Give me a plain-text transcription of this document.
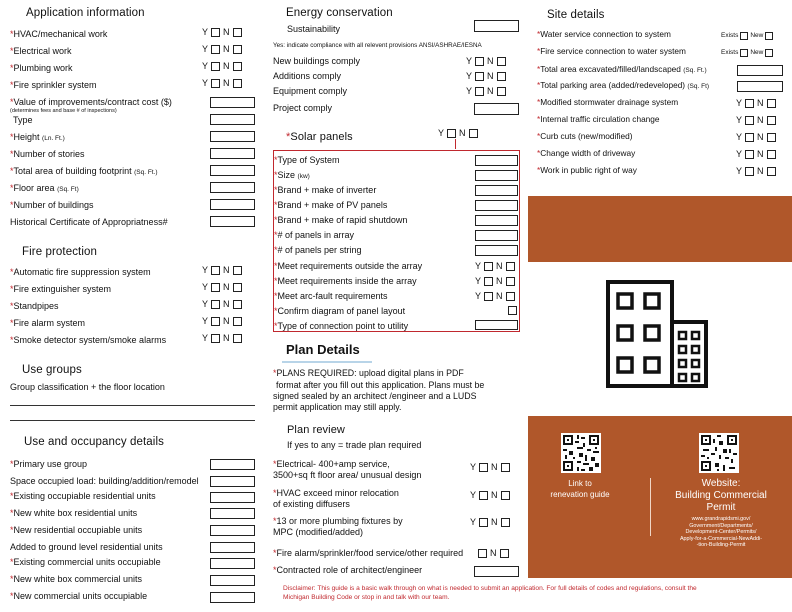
Application information
*HVAC/mechanical work	Y N
*Electrical work	Y N
*Plumbing work	Y N
*Fire sprinkler system	Y N
*Value of improvements/contract cost ($)
(determines fees and base # of inspections)
Type
*Height (Ln. Ft.)
*Number of stories
*Total area of building footprint (Sq. Ft.)
*Floor area (Sq. Ft)
*Number of buildings
Historical Certificate of Appropriatness#
Fire protection
*Automatic fire suppression system	Y N
*Fire extinguisher system	Y N
*Standpipes	Y N
*Fire alarm system	Y N
*Smoke detector system/smoke alarms	Y N
Use groups
Group classification + the floor location
Use and occupancy details
*Primary use group
Space occupied load: building/addition/remodel
*Existing occupiable residential units
*New white box residential units
*New residential occupiable units
Added to ground level residential units
*Existing commercial units occupiable
*New white box commercial units
*New commercial units occupiable
Energy conservation
Sustainability
Yes: indicate compliance with all relevent provisions ANSI/ASHRAE/IESNA
New buildings comply	Y N
Additions comply	Y N
Equipment comply	Y N
Project comply
*Solar panels	Y N
*Type of System
*Size (kw)
*Brand + make of inverter
*Brand + make of PV panels
*Brand + make of rapid shutdown
*# of panels in array
*# of panels per string
*Meet requirements outside the array	Y N
*Meet requirements inside the array	Y N
*Meet arc-fault requirements	Y N
*Confirm diagram of panel layout
*Type of connection point to utility
Plan Details
*PLANS REQUIRED: upload digital plans in PDF
format after you fill out this application. Plans must be
signed sealed by an architect /engineer and a LUDS
permit application may still apply.
Plan review
If yes to any = trade plan required
*Electrical- 400+amp service,
3500+sq ft floor area/ unusual design
Y N
*HVAC exceed minor relocation
of existing diffusers
Y N
*13 or more plumbing fixtures by
MPC (modified/added)
Y N
*Fire alarm/sprinkler/food service/other required	N
*Contracted role of architect/engineer
Site details
*Water service connection to system	Exists New
*Fire service connection to water system	Exists New
*Total area excavated/filled/landscaped (Sq. Ft.)
*Total parking area (added/redeveloped) (Sq. Ft)
*Modified stormwater drainage system	Y N
*Internal traffic circulation change	Y N
*Curb cuts (new/modified)	Y N
*Change width of driveway	Y N
*Work in public right of way	Y N
Link to
renevation guide
Website:
Building Commercial
Permit
www.grandrapidsmi.gov/
Government/Departments/
Development-Center/Permits/
Apply-for-a-Commercial-NewAddi-
-tion-Building-Permit
Disclaimer: This guide is a basic walk through on what is needed to submit an application. For full details of codes and regulations, consult the
Michigan Building Code or stop in and talk with our team.
